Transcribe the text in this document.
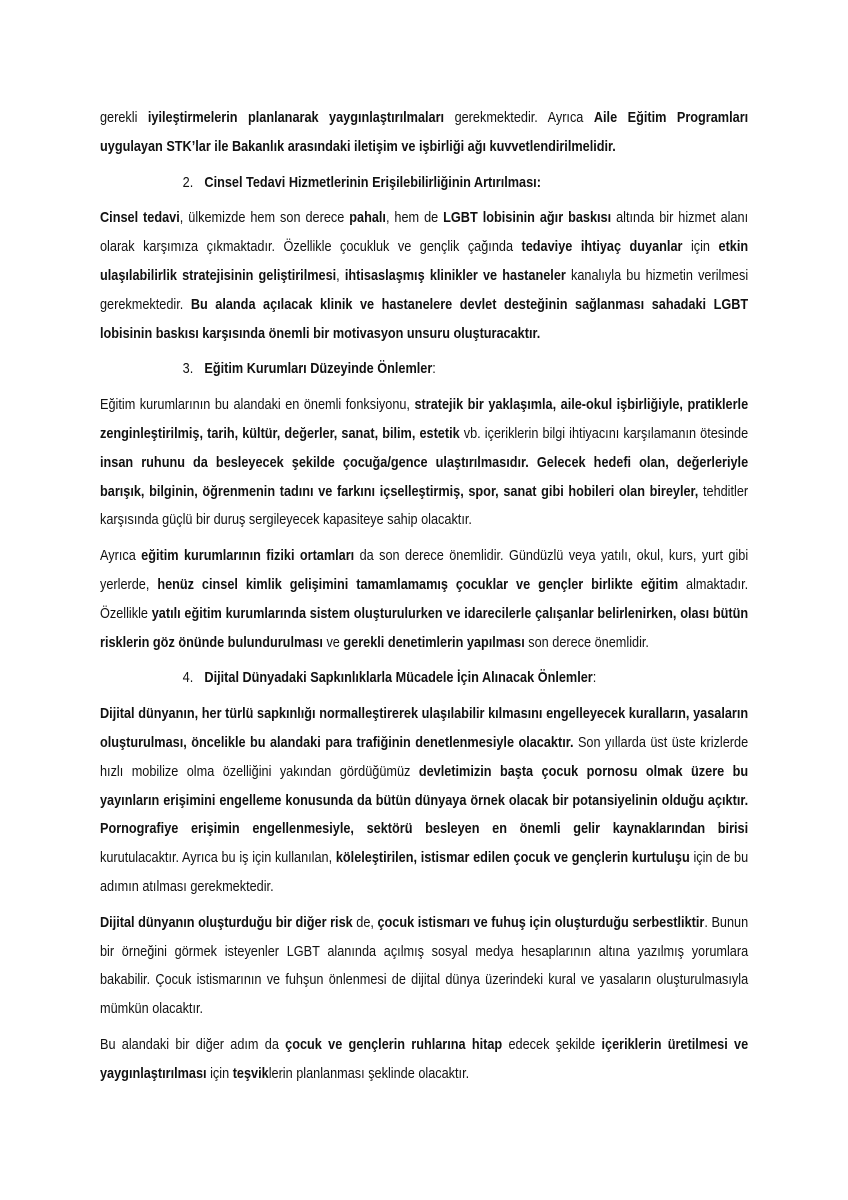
gerekli iyileştirmelerin planlanarak yaygınlaştırılmaları gerekmektedir. Ayrıca Aile Eğitim Programları uygulayan STK’lar ile Bakanlık arasındaki iletişim ve işbirliği ağı kuvvetlendirilmelidir.
2. Cinsel Tedavi Hizmetlerinin Erişilebilirliğinin Artırılması:
Cinsel tedavi, ülkemizde hem son derece pahalı, hem de LGBT lobisinin ağır baskısı altında bir hizmet alanı olarak karşımıza çıkmaktadır. Özellikle çocukluk ve gençlik çağında tedaviye ihtiyaç duyanlar için etkin ulaşılabilirlik stratejisinin geliştirilmesi, ihtisaslaşmış klinikler ve hastaneler kanalıyla bu hizmetin verilmesi gerekmektedir. Bu alanda açılacak klinik ve hastanelere devlet desteğinin sağlanması sahadaki LGBT lobisinin baskısı karşısında önemli bir motivasyon unsuru oluşturacaktır.
3. Eğitim Kurumları Düzeyinde Önlemler:
Eğitim kurumlarının bu alandaki en önemli fonksiyonu, stratejik bir yaklaşımla, aile-okul işbirliğiyle, pratiklerle zenginleştirilmiş, tarih, kültür, değerler, sanat, bilim, estetik vb. içeriklerin bilgi ihtiyacını karşılamanın ötesinde insan ruhunu da besleyecek şekilde çocuğa/gence ulaştırılmasıdır. Gelecek hedefi olan, değerleriyle barışık, bilginin, öğrenmenin tadını ve farkını içselleştirmiş, spor, sanat gibi hobileri olan bireyler, tehditler karşısında güçlü bir duruş sergileyecek kapasiteye sahip olacaktır.
Ayrıca eğitim kurumlarının fiziki ortamları da son derece önemlidir. Gündüzlü veya yatılı, okul, kurs, yurt gibi yerlerde, henüz cinsel kimlik gelişimini tamamlamamış çocuklar ve gençler birlikte eğitim almaktadır. Özellikle yatılı eğitim kurumlarında sistem oluşturulurken ve idarecilerle çalışanlar belirlenirken, olası bütün risklerin göz önünde bulundurulması ve gerekli denetimlerin yapılması son derece önemlidir.
4. Dijital Dünyadaki Sapkınlıklarla Mücadele İçin Alınacak Önlemler:
Dijital dünyanın, her türlü sapkınlığı normalleştirerek ulaşılabilir kılmasını engelleyecek kuralların, yasaların oluşturulması, öncelikle bu alandaki para trafiğinin denetlenmesiyle olacaktır. Son yıllarda üst üste krizlerde hızlı mobilize olma özelliğini yakından gördüğümüz devletimizin başta çocuk pornosu olmak üzere bu yayınların erişimini engelleme konusunda da bütün dünyaya örnek olacak bir potansiyelinin olduğu açıktır. Pornografiye erişimin engellenmesiyle, sektörü besleyen en önemli gelir kaynaklarından birisi kurutulacaktır. Ayrıca bu iş için kullanılan, köleleştirilen, istismar edilen çocuk ve gençlerin kurtuluşu için de bu adımın atılması gerekmektedir.
Dijital dünyanın oluşturduğu bir diğer risk de, çocuk istismarı ve fuhuş için oluşturduğu serbestliktir. Bunun bir örneğini görmek isteyenler LGBT alanında açılmış sosyal medya hesaplarının altına yazılmış yorumlara bakabilir. Çocuk istismarının ve fuhşun önlenmesi de dijital dünya üzerindeki kural ve yasaların oluşturulmasıyla mümkün olacaktır.
Bu alandaki bir diğer adım da çocuk ve gençlerin ruhlarına hitap edecek şekilde içeriklerin üretilmesi ve yaygınlaştırılması için teşviklerin planlanması şeklinde olacaktır.
